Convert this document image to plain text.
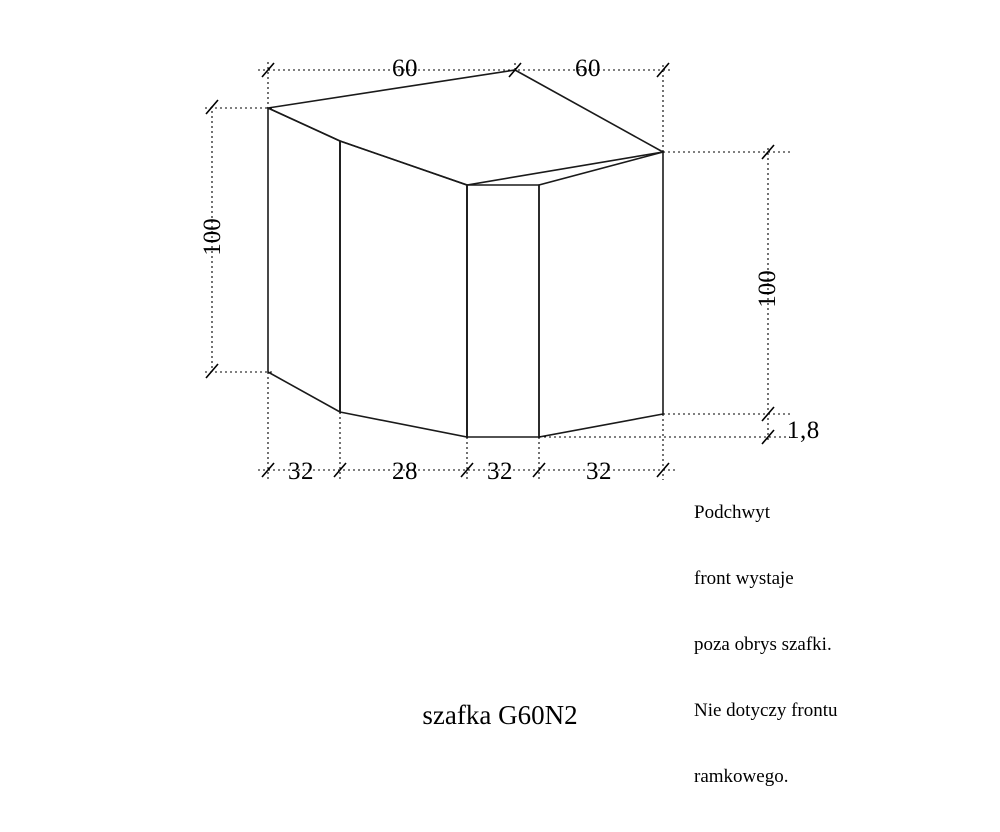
60	60
100
100
1,8
32	28	32	32

Podchwyt

front wystaje

poza obrys szafki.

Nie dotyczy frontu

ramkowego.

szafka G60N2
